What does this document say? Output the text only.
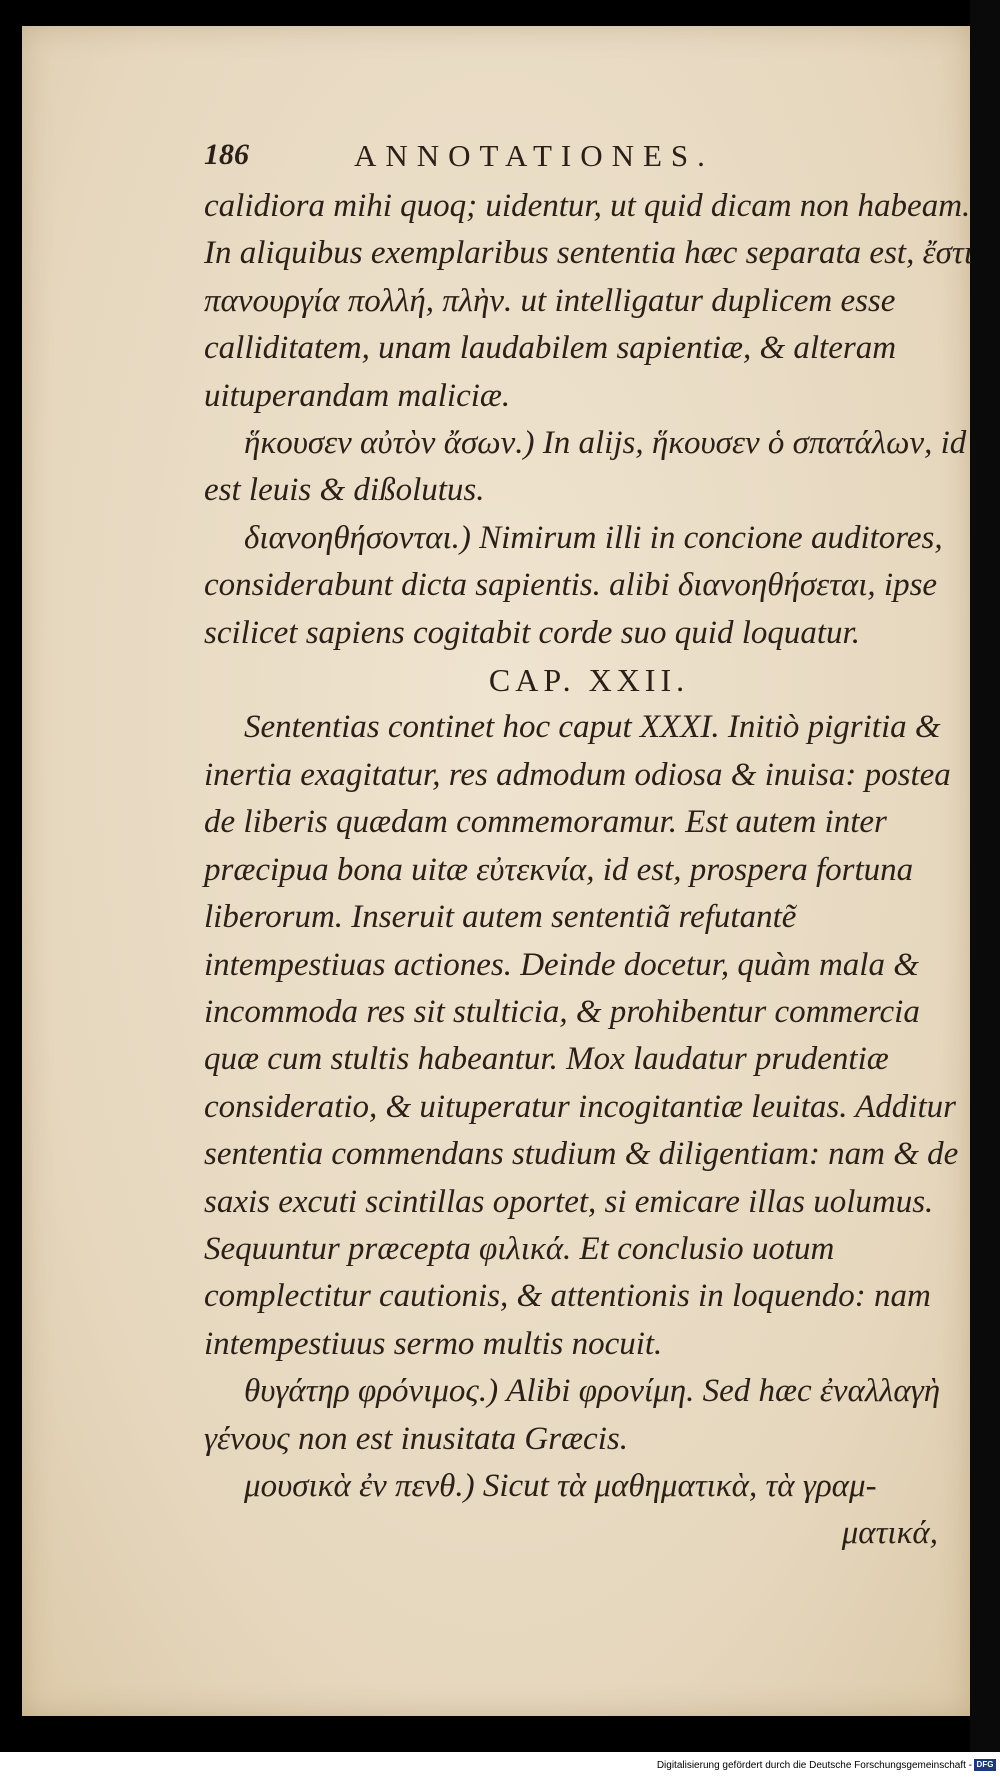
186	ANNOTATIONES.

calidiora mihi quoq; uidentur, ut quid dicam non habeam. In aliquibus exemplaribus sententia hæc separata est, ἔστι πανουργία πολλή, πλὴν. ut intelligatur duplicem esse calliditatem, unam laudabilem sapientiæ, & alteram uituperandam maliciæ.

ἥκουσεν αὐτὸν ἄσων.) In alijs, ἥκουσεν ὁ σπατάλων, id est leuis & dißolutus.

διανοηθήσονται.) Nimirum illi in concione auditores, considerabunt dicta sapientis. alibi διανοηθήσεται, ipse scilicet sapiens cogitabit corde suo quid loquatur.

CAP. XXII.

Sententias continet hoc caput XXXI. Initiò pigritia & inertia exagitatur, res admodum odiosa & inuisa: postea de liberis quædam commemoramur. Est autem inter præcipua bona uitæ εὐτεκνία, id est, prospera fortuna liberorum. Inseruit autem sententiã refutantẽ intempestiuas actiones. Deinde docetur, quàm mala & incommoda res sit stulticia, & prohibentur commercia quæ cum stultis habeantur. Mox laudatur prudentiæ consideratio, & uituperatur incogitantiæ leuitas. Additur sententia commendans studium & diligentiam: nam & de saxis excuti scintillas oportet, si emicare illas uolumus. Sequuntur præcepta φιλικά. Et conclusio uotum complectitur cautionis, & attentionis in loquendo: nam intempestiuus sermo multis nocuit.

θυγάτηρ φρόνιμος.) Alibi φρονίμη. Sed hæc ἐναλλαγὴ γένους non est inusitata Græcis.

μουσικὰ ἐν πενθ.) Sicut τὰ μαθηματικὰ, τὰ γραμ-

ματικά,

Digitalisierung gefördert durch die Deutsche Forschungsgemeinschaft - DFG
